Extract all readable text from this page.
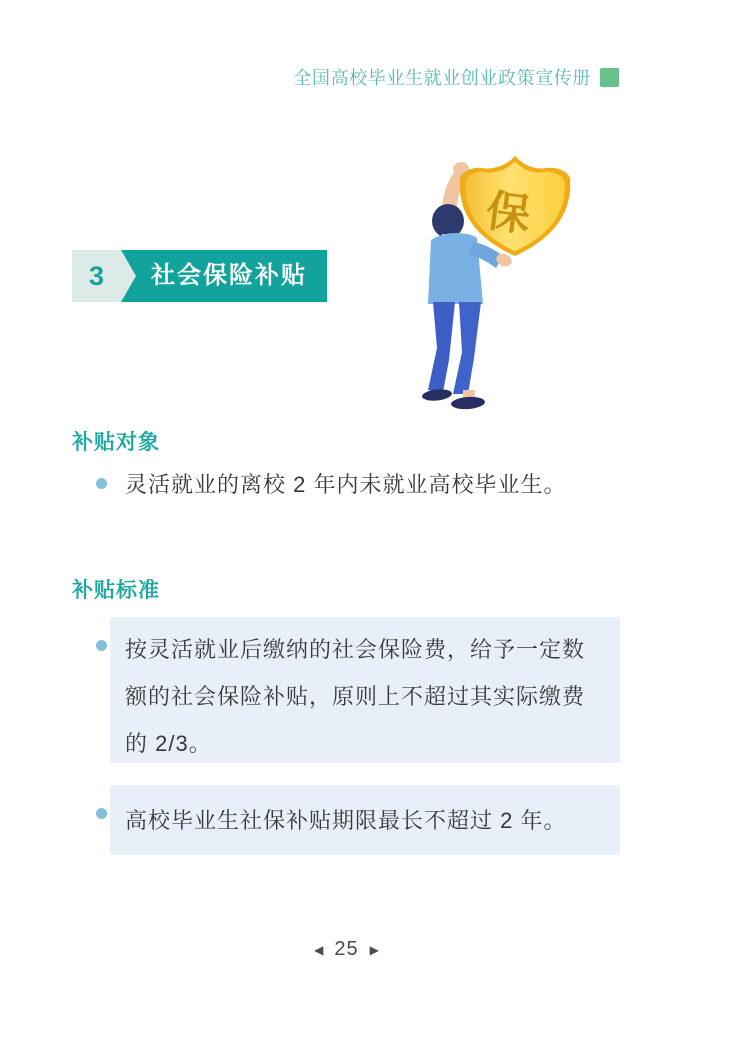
全国高校毕业生就业创业政策宣传册
保
3	社会保险补贴
补贴对象
灵活就业的离校 2 年内未就业高校毕业生。
补贴标准
按灵活就业后缴纳的社会保险费，给予一定数
额的社会保险补贴，原则上不超过其实际缴费
的 2/3。
高校毕业生社保补贴期限最长不超过 2 年。
◀ 25 ▶
